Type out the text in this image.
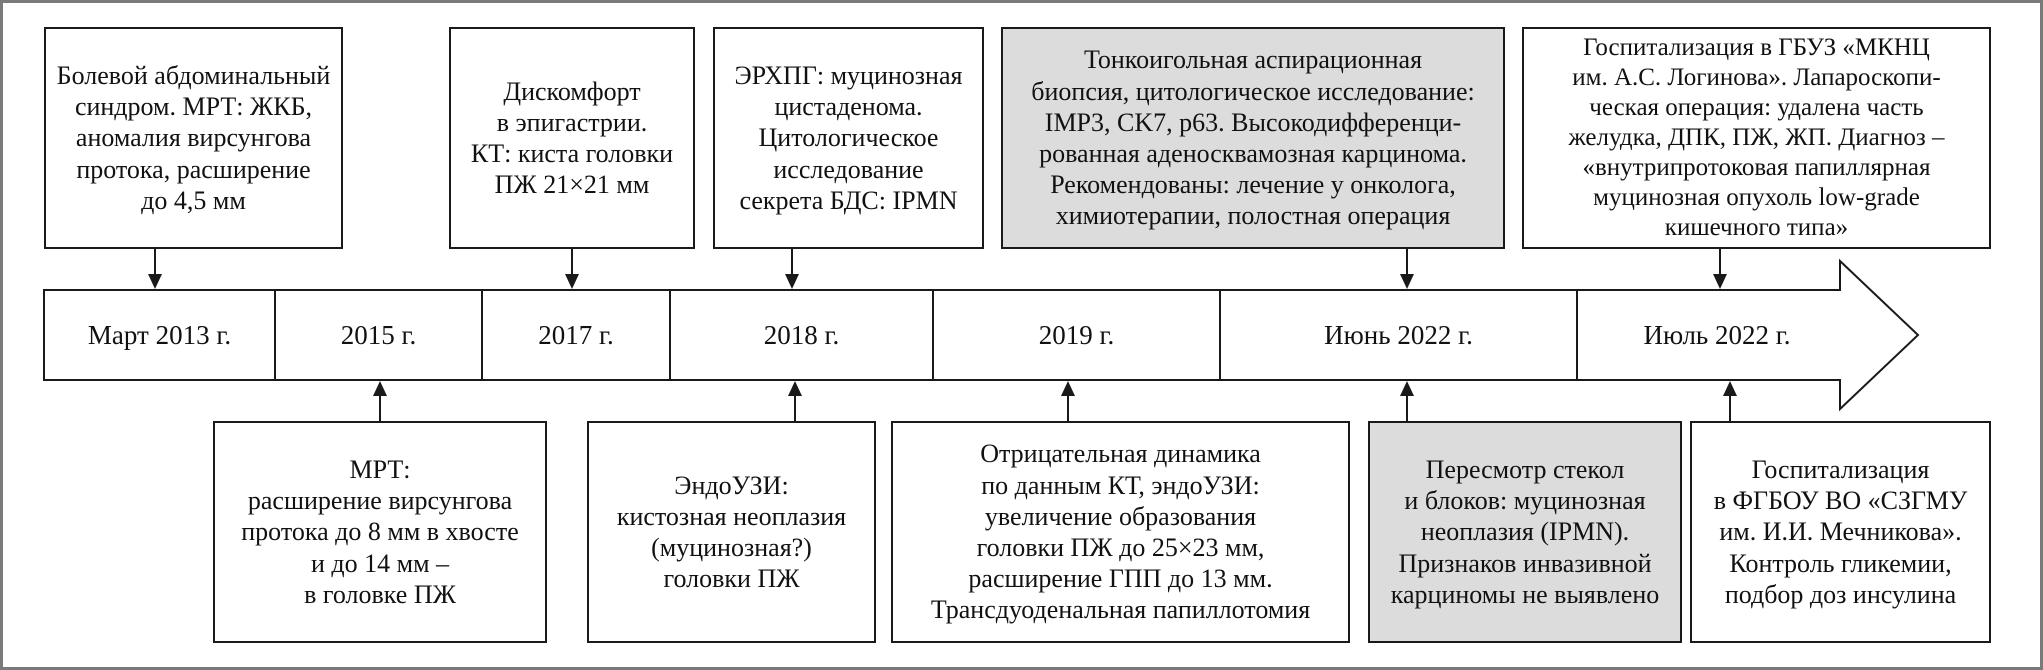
Март 2013 г.	2015 г.	2017 г.	2018 г.	2019 г.	Июнь 2022 г.	Июль 2022 г.
Болевой абдоминальный
синдром. МРТ: ЖКБ,
аномалия вирсунгова
протока, расширение
до 4,5 мм
Дискомфорт
в эпигастрии.
КТ: киста головки
ПЖ 21×21 мм
ЭРХПГ: муцинозная
цистаденома.
Цитологическое
исследование
секрета БДС: IPMN
Тонкоигольная аспирационная
биопсия, цитологическое исследование:
IMP3, CK7, p63. Высокодифференци-
рованная аденосквамозная карцинома.
Рекомендованы: лечение у онколога,
химиотерапии, полостная операция
Госпитализация в ГБУЗ «МКНЦ
им. А.С. Логинова». Лапароскопи-
ческая операция: удалена часть
желудка, ДПК, ПЖ, ЖП. Диагноз –
«внутрипротоковая папиллярная
муцинозная опухоль low-grade
кишечного типа»
МРТ:
расширение вирсунгова
протока до 8 мм в хвосте
и до 14 мм –
в головке ПЖ
ЭндоУЗИ:
кистозная неоплазия
(муцинозная?)
головки ПЖ
Отрицательная динамика
по данным КТ, эндоУЗИ:
увеличение образования
головки ПЖ до 25×23 мм,
расширение ГПП до 13 мм.
Трансдуоденальная папиллотомия
Пересмотр стекол
и блоков: муцинозная
неоплазия (IPMN).
Признаков инвазивной
карциномы не выявлено
Госпитализация
в ФГБОУ ВО «СЗГМУ
им. И.И. Мечникова».
Контроль гликемии,
подбор доз инсулина
